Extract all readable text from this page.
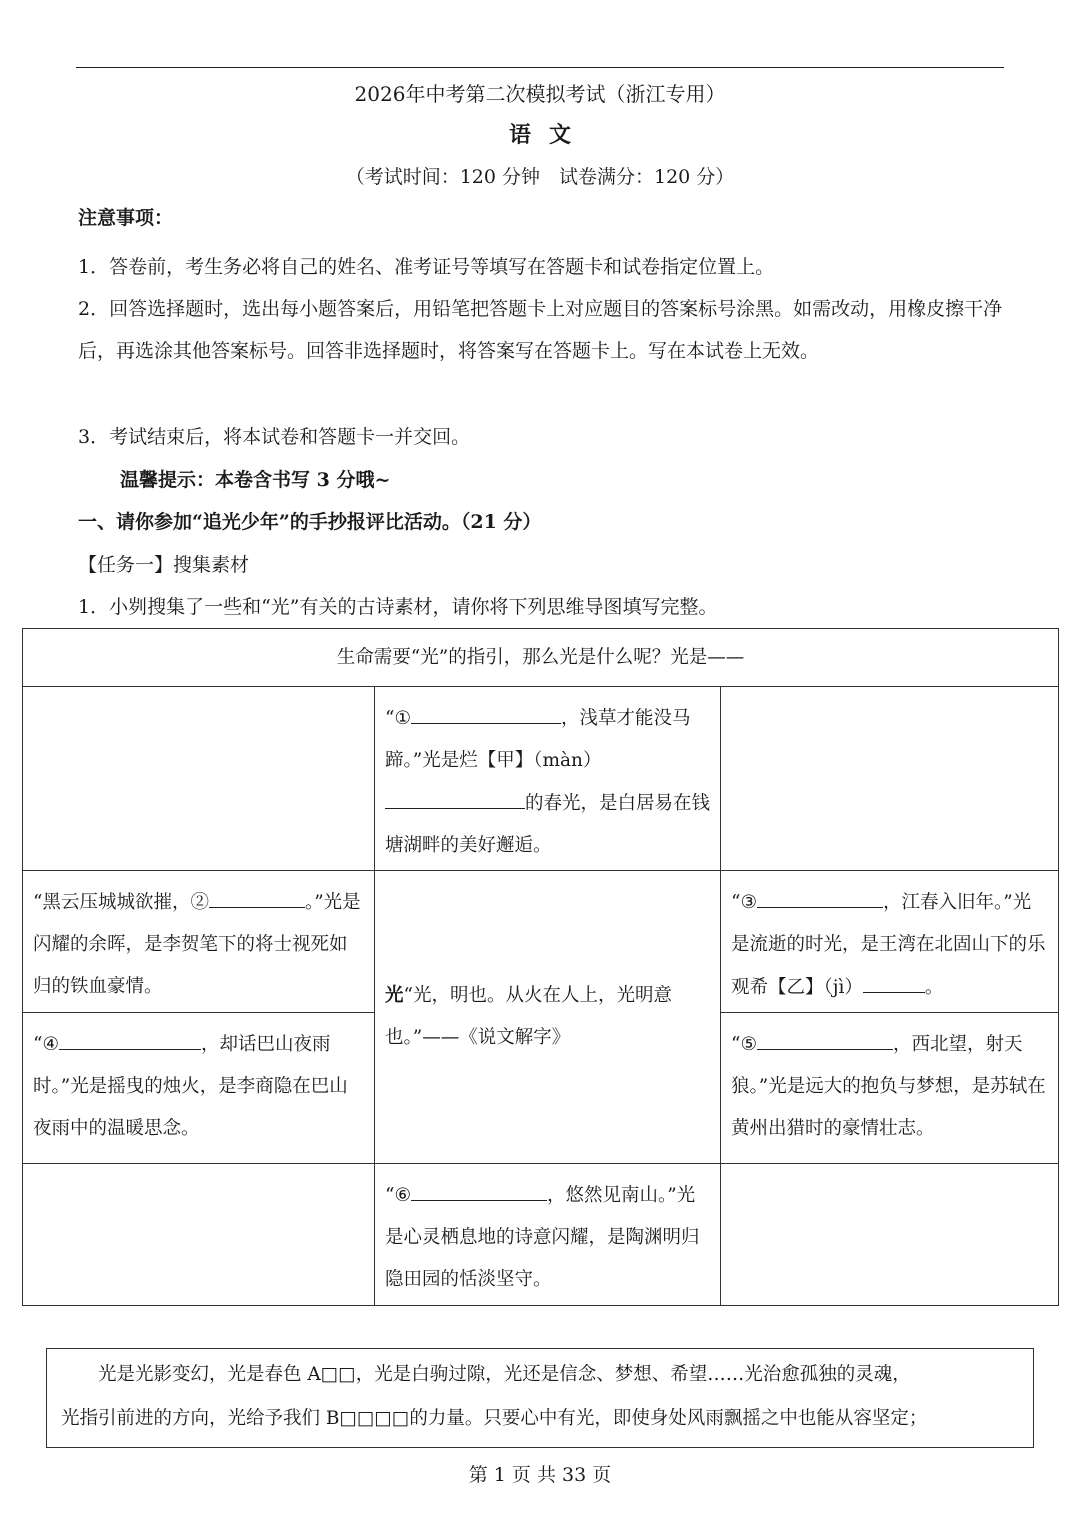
2026年中考第二次模拟考试（浙江专用）
语文
（考试时间：120 分钟　试卷满分：120 分）
注意事项：
1．答卷前，考生务必将自己的姓名、准考证号等填写在答题卡和试卷指定位置上。
2．回答选择题时，选出每小题答案后，用铅笔把答题卡上对应题目的答案标号涂黑。如需改动，用橡皮擦干净后，再选涂其他答案标号。回答非选择题时，将答案写在答题卡上。写在本试卷上无效。
3．考试结束后，将本试卷和答题卡一并交回。
温馨提示：本卷含书写 3 分哦~
一、请你参加“追光少年”的手抄报评比活动。（21 分）
【任务一】搜集素材
1．小刿搜集了一些和“光”有关的古诗素材，请你将下列思维导图填写完整。
生命需要“光”的指引，那么光是什么呢？光是——		
	“① ，浅草才能没马蹄。”光是烂【甲】（màn）
的春光，是白居易在钱塘湖畔的美好邂逅。	
“黑云压城城欲摧，② 。”光是闪耀的余晖，是李贺笔下的将士视死如归的铁血豪情。	光“光，明也。从火在人上，光明意也。”——《说文解字》	“③ ，江春入旧年。”光是流逝的时光，是王湾在北固山下的乐观希【乙】（jì） 。
“④ ，却话巴山夜雨时。”光是摇曳的烛火，是李商隐在巴山夜雨中的温暖思念。		“⑤ ，西北望，射天狼。”光是远大的抱负与梦想，是苏轼在黄州出猎时的豪情壮志。
	“⑥ ，悠然见南山。”光是心灵栖息地的诗意闪耀，是陶渊明归隐田园的恬淡坚守。	

　　光是光影变幻，光是春色 A□□，光是白驹过隙，光还是信念、梦想、希望……光治愈孤独的灵魂，

光指引前进的方向，光给予我们 B□□□□的力量。只要心中有光，即使身处风雨飘摇之中也能从容坚定；

第 1 页 共 33 页
